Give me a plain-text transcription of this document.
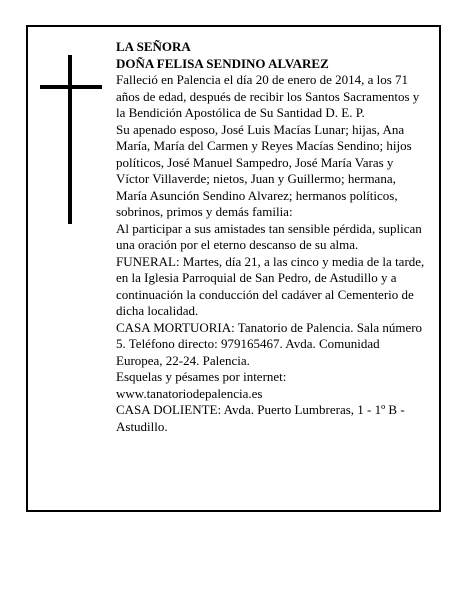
LA SEÑORA
DOÑA FELISA SENDINO ALVAREZ
Falleció en Palencia el día 20 de enero de 2014, a los 71 años de edad, después de recibir los Santos Sacramentos y la Bendición Apostólica de Su Santidad D. E. P.
Su apenado esposo, José Luis Macías Lunar; hijas, Ana María, María del Carmen y Reyes Macías Sendino; hijos políticos, José Manuel Sampedro, José María Varas y Víctor Villaverde; nietos, Juan y Guillermo; hermana, María Asunción Sendino Alvarez; hermanos políticos, sobrinos, primos y demás familia:
Al participar a sus amistades tan sensible pérdida, suplican una oración por el eterno descanso de su alma.
FUNERAL: Martes, día 21, a las cinco y media de la tarde, en la Iglesia Parroquial de San Pedro, de Astudillo y a continuación la conducción del cadáver al Cementerio de dicha localidad.
CASA MORTUORIA: Tanatorio de Palencia. Sala número 5. Teléfono directo: 979165467. Avda. Comunidad Europea, 22-24. Palencia.
Esquelas y pésames por internet: www.tanatoriodepalencia.es
CASA DOLIENTE: Avda. Puerto Lumbreras, 1 - 1º B - Astudillo.
